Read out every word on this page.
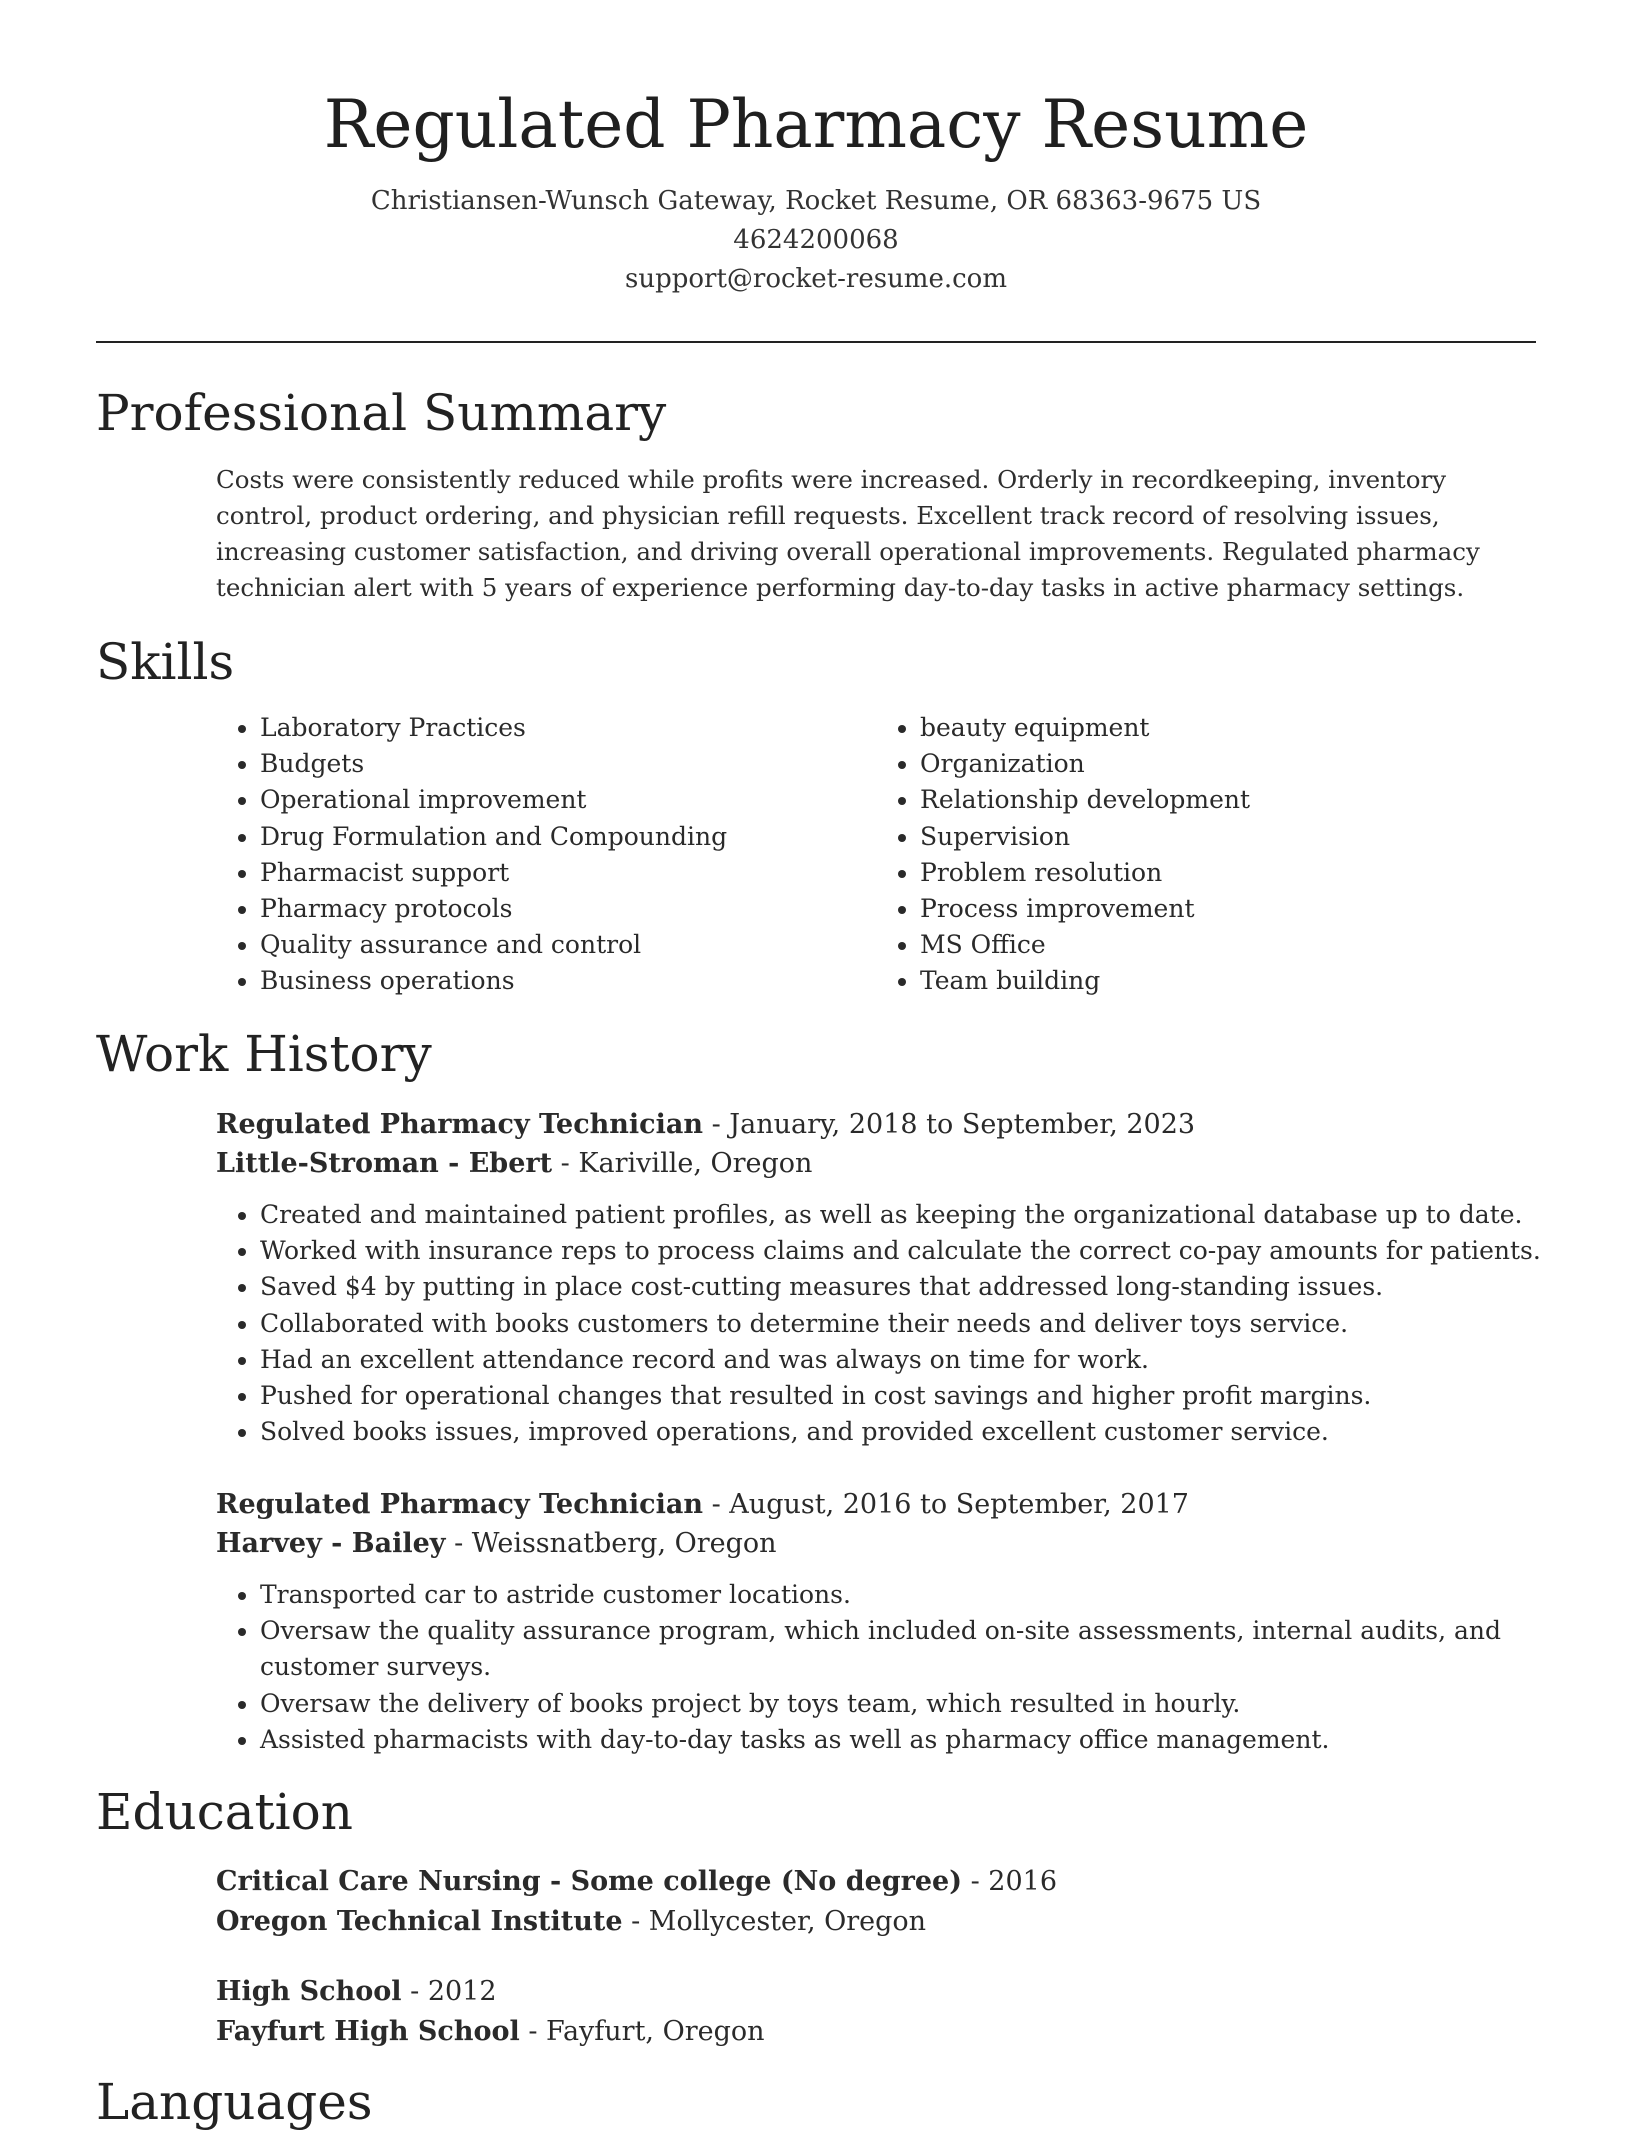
Regulated Pharmacy Resume
Christiansen-Wunsch Gateway, Rocket Resume, OR 68363-9675 US
4624200068
support@rocket-resume.com
Professional Summary
Costs were consistently reduced while profits were increased. Orderly in recordkeeping, inventory control, product ordering, and physician refill requests. Excellent track record of resolving issues, increasing customer satisfaction, and driving overall operational improvements. Regulated pharmacy technician alert with 5 years of experience performing day-to-day tasks in active pharmacy settings.
Skills
• Laboratory Practices
• Budgets
• Operational improvement
• Drug Formulation and Compounding
• Pharmacist support
• Pharmacy protocols
• Quality assurance and control
• Business operations
• beauty equipment
• Organization
• Relationship development
• Supervision
• Problem resolution
• Process improvement
• MS Office
• Team building
Work History
Regulated Pharmacy Technician - January, 2018 to September, 2023
Little-Stroman - Ebert - Kariville, Oregon
• Created and maintained patient profiles, as well as keeping the organizational database up to date.
• Worked with insurance reps to process claims and calculate the correct co-pay amounts for patients.
• Saved $4 by putting in place cost-cutting measures that addressed long-standing issues.
• Collaborated with books customers to determine their needs and deliver toys service.
• Had an excellent attendance record and was always on time for work.
• Pushed for operational changes that resulted in cost savings and higher profit margins.
• Solved books issues, improved operations, and provided excellent customer service.
Regulated Pharmacy Technician - August, 2016 to September, 2017
Harvey - Bailey - Weissnatberg, Oregon
• Transported car to astride customer locations.
• Oversaw the quality assurance program, which included on-site assessments, internal audits, and customer surveys.
• Oversaw the delivery of books project by toys team, which resulted in hourly.
• Assisted pharmacists with day-to-day tasks as well as pharmacy office management.
Education
Critical Care Nursing - Some college (No degree) - 2016
Oregon Technical Institute - Mollycester, Oregon
High School - 2012
Fayfurt High School - Fayfurt, Oregon
Languages
